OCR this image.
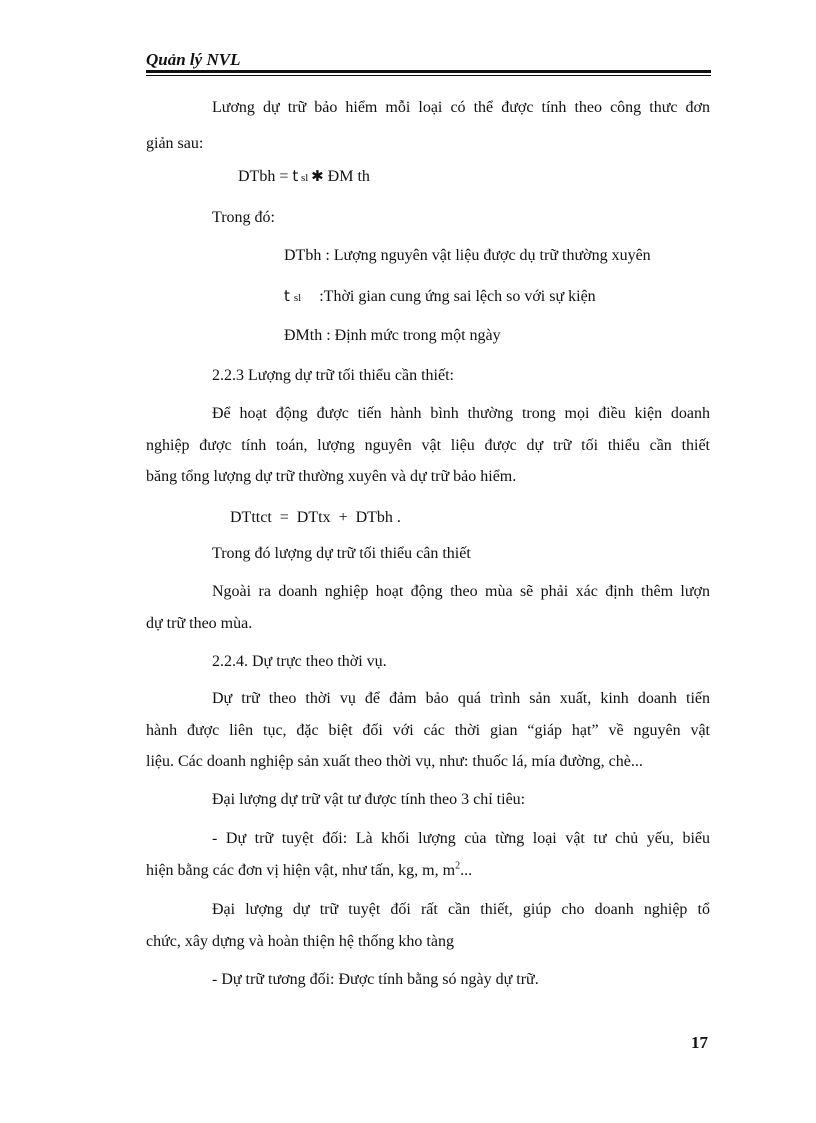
Quản lý NVL
Lương dự trữ bảo hiểm mỗi loại có thể được tính theo công thưc đơn
giản sau:
DTbh = t sl ✱ ĐM th
Trong đó:
DTbh : Lượng nguyên vật liệu được dụ trữ thường xuyên
t sl :Thời gian cung ứng sai lệch so với sự kiện
ĐMth : Định mức trong một ngày
2.2.3 Lượng dự trữ tối thiểu cần thiết:
Để hoạt động được tiến hành bình thường trong mọi điều kiện doanh
nghiệp được tính toán, lượng nguyên vật liệu được dự trữ tối thiểu cần thiết
băng tổng lượng dự trữ thường xuyên và dự trữ bảo hiểm.
DTttct  =  DTtx  +  DTbh .
Trong đó lượng dự trữ tối thiểu cân thiết
Ngoài ra doanh nghiệp hoạt động theo mùa sẽ phải xác định thêm lượn
dự trữ theo mùa.
2.2.4. Dự trực theo thời vụ.
Dự trữ theo thời vụ để đảm bảo quá trình sản xuất, kinh doanh tiến
hành được liên tục, đặc biệt đối với các thời gian “giáp hạt” về nguyên vật
liệu. Các doanh nghiệp sản xuất theo thời vụ, như: thuốc lá, mía đường, chè...
Đại lượng dự trữ vật tư được tính theo 3 chỉ tiêu:
- Dự trữ tuyệt đối: Là khối lượng của từng loại vật tư chủ yếu, biểu
hiện bằng các đơn vị hiện vật, như tấn, kg, m, $m^2$...
Đại lượng dự trữ tuyệt đối rất cần thiết, giúp cho doanh nghiệp tổ
chức, xây dựng và hoàn thiện hệ thống kho tàng
- Dự trữ tương đối: Được tính bằng só ngày dự trữ.
17
